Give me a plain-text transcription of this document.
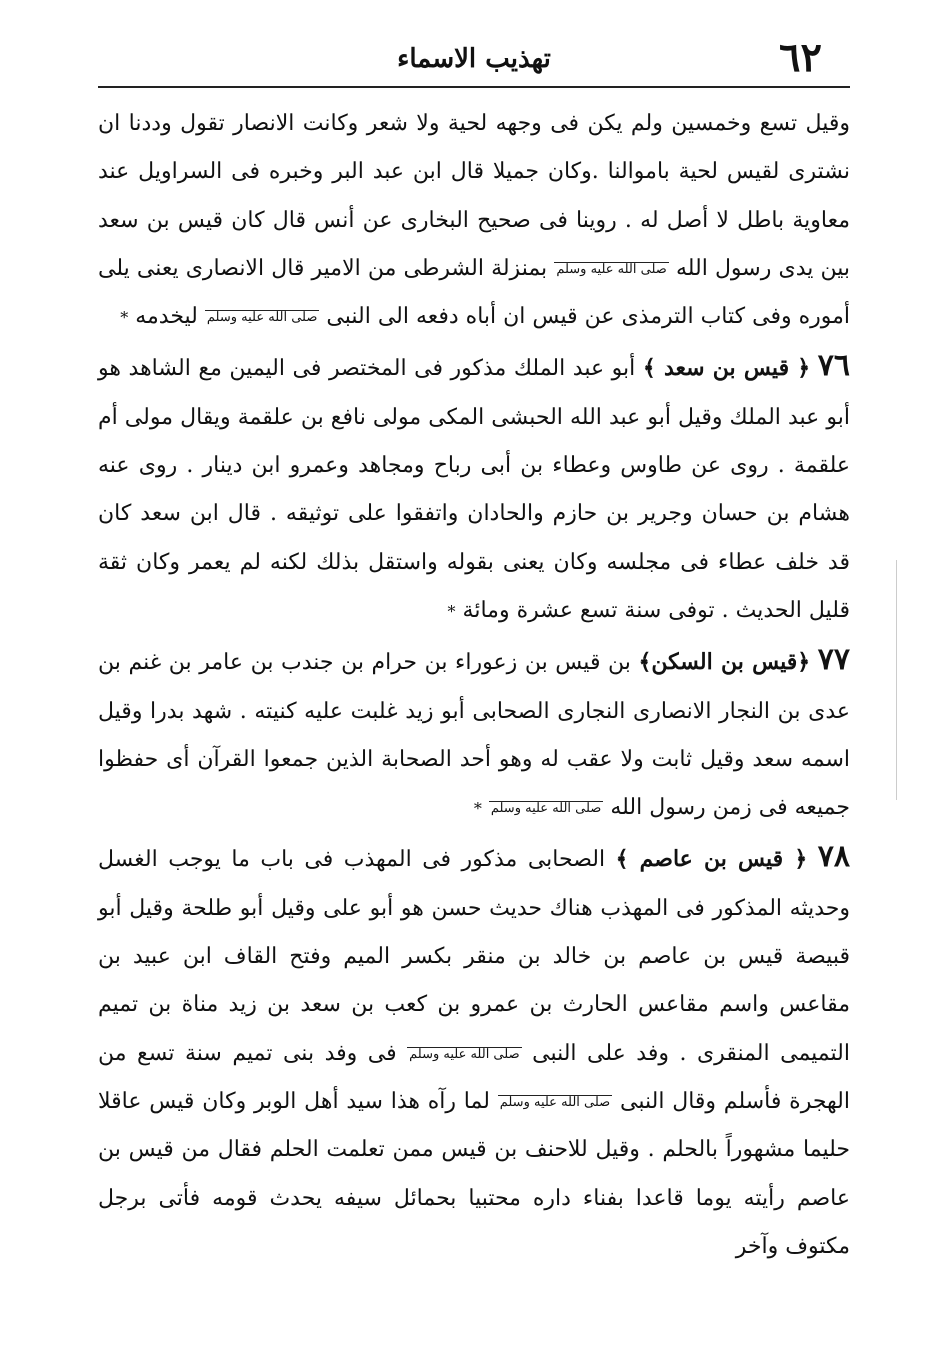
٦٢
تهذيب الاسماء

وقيل تسع وخمسين ولم يكن فى وجهه لحية ولا شعر وكانت الانصار تقول وددنا ان نشترى لقيس لحية باموالنا .وكان جميلا قال ابن عبد البر وخبره فى السراويل عند معاوية باطل لا أصل له . روينا فى صحيح البخارى عن أنس قال كان قيس بن سعد بين يدى رسول الله صلى الله عليه وسلم بمنزلة الشرطى من الامير قال الانصارى يعنى يلى أموره وفى كتاب الترمذى عن قيس ان أباه دفعه الى النبى صلى الله عليه وسلم ليخدمه *

٧٦ ﴿ قيس بن سعد ﴾ أبو عبد الملك مذكور فى المختصر فى اليمين مع الشاهد هو أبو عبد الملك وقيل أبو عبد الله الحبشى المكى مولى نافع بن علقمة ويقال مولى أم علقمة . روى عن طاوس وعطاء بن أبى رباح ومجاهد وعمرو ابن دينار . روى عنه هشام بن حسان وجرير بن حازم والحادان واتفقوا على توثيقه . قال ابن سعد كان قد خلف عطاء فى مجلسه وكان يعنى بقوله واستقل بذلك لكنه لم يعمر وكان ثقة قليل الحديث . توفى سنة تسع عشرة ومائة *

٧٧ ﴿قيس بن السكن﴾ بن قيس بن زعوراء بن حرام بن جندب بن عامر بن غنم بن عدى بن النجار الانصارى النجارى الصحابى أبو زيد غلبت عليه كنيته . شهد بدرا وقيل اسمه سعد وقيل ثابت ولا عقب له وهو أحد الصحابة الذين جمعوا القرآن أى حفظوا جميعه فى زمن رسول الله صلى الله عليه وسلم *

٧٨ ﴿ قيس بن عاصم ﴾ الصحابى مذكور فى المهذب فى باب ما يوجب الغسل وحديثه المذكور فى المهذب هناك حديث حسن هو أبو على وقيل أبو طلحة وقيل أبو قبيصة قيس بن عاصم بن خالد بن منقر بكسر الميم وفتح القاف ابن عبيد بن مقاعس واسم مقاعس الحارث بن عمرو بن كعب بن سعد بن زيد مناة بن تميم التميمى المنقرى . وفد على النبى صلى الله عليه وسلم فى وفد بنى تميم سنة تسع من الهجرة فأسلم وقال النبى صلى الله عليه وسلم لما رآه هذا سيد أهل الوبر وكان قيس عاقلا حليما مشهوراً بالحلم . وقيل للاحنف بن قيس ممن تعلمت الحلم فقال من قيس بن عاصم رأيته يوما قاعدا بفناء داره محتبيا بحمائل سيفه يحدث قومه فأتى برجل مكتوف وآخر
